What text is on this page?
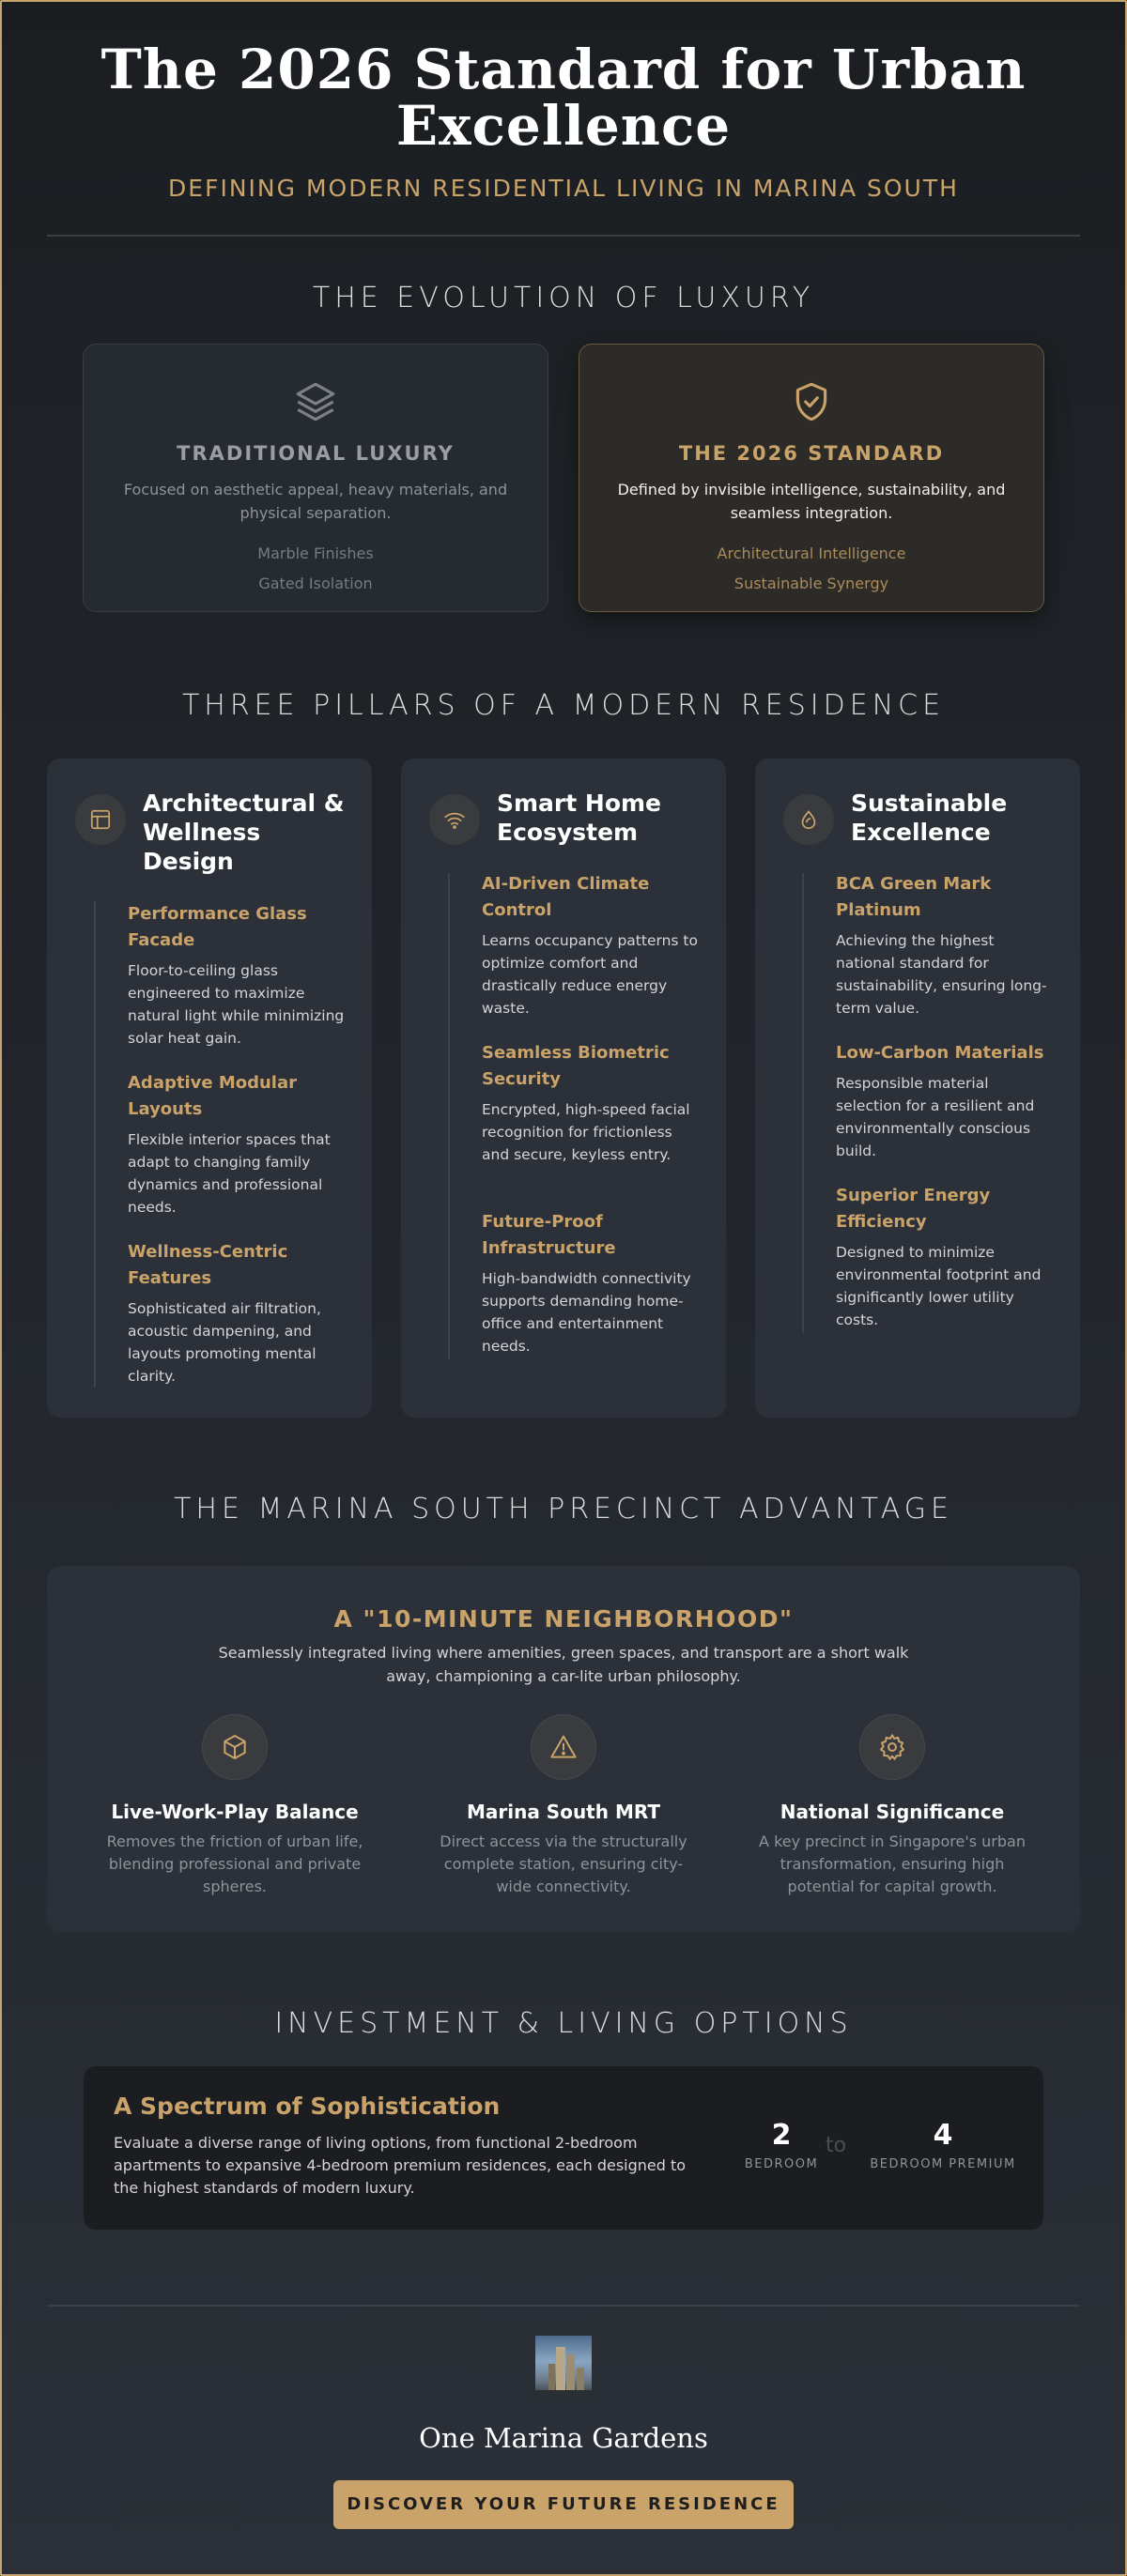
The 2026 Standard for Urban Excellence
DEFINING MODERN RESIDENTIAL LIVING IN MARINA SOUTH
THE EVOLUTION OF LUXURY
TRADITIONAL LUXURY
Focused on aesthetic appeal, heavy materials, and physical separation.
Marble Finishes
Gated Isolation
THE 2026 STANDARD
Defined by invisible intelligence, sustainability, and seamless integration.
Architectural Intelligence
Sustainable Synergy
THREE PILLARS OF A MODERN RESIDENCE
Architectural & Wellness Design
Performance Glass Facade
Floor-to-ceiling glass engineered to maximize natural light while minimizing solar heat gain.
Adaptive Modular Layouts
Flexible interior spaces that adapt to changing family dynamics and professional needs.
Wellness-Centric Features
Sophisticated air filtration, acoustic dampening, and layouts promoting mental clarity.
Smart Home Ecosystem
AI-Driven Climate Control
Learns occupancy patterns to optimize comfort and drastically reduce energy waste.
Seamless Biometric Security
Encrypted, high-speed facial recognition for frictionless and secure, keyless entry.
Future-Proof Infrastructure
High-bandwidth connectivity supports demanding home-office and entertainment needs.
Sustainable Excellence
BCA Green Mark Platinum
Achieving the highest national standard for sustainability, ensuring long-term value.
Low-Carbon Materials
Responsible material selection for a resilient and environmentally conscious build.
Superior Energy Efficiency
Designed to minimize environmental footprint and significantly lower utility costs.
THE MARINA SOUTH PRECINCT ADVANTAGE
A "10-MINUTE NEIGHBORHOOD"
Seamlessly integrated living where amenities, green spaces, and transport are a short walk away, championing a car-lite urban philosophy.
Live-Work-Play Balance
Removes the friction of urban life, blending professional and private spheres.
Marina South MRT
Direct access via the structurally complete station, ensuring city-wide connectivity.
National Significance
A key precinct in Singapore's urban transformation, ensuring high potential for capital growth.
INVESTMENT & LIVING OPTIONS
A Spectrum of Sophistication
Evaluate a diverse range of living options, from functional 2-bedroom apartments to expansive 4-bedroom premium residences, each designed to the highest standards of modern luxury.
2
BEDROOM
to	4
BEDROOM PREMIUM
One Marina Gardens
DISCOVER YOUR FUTURE RESIDENCE
